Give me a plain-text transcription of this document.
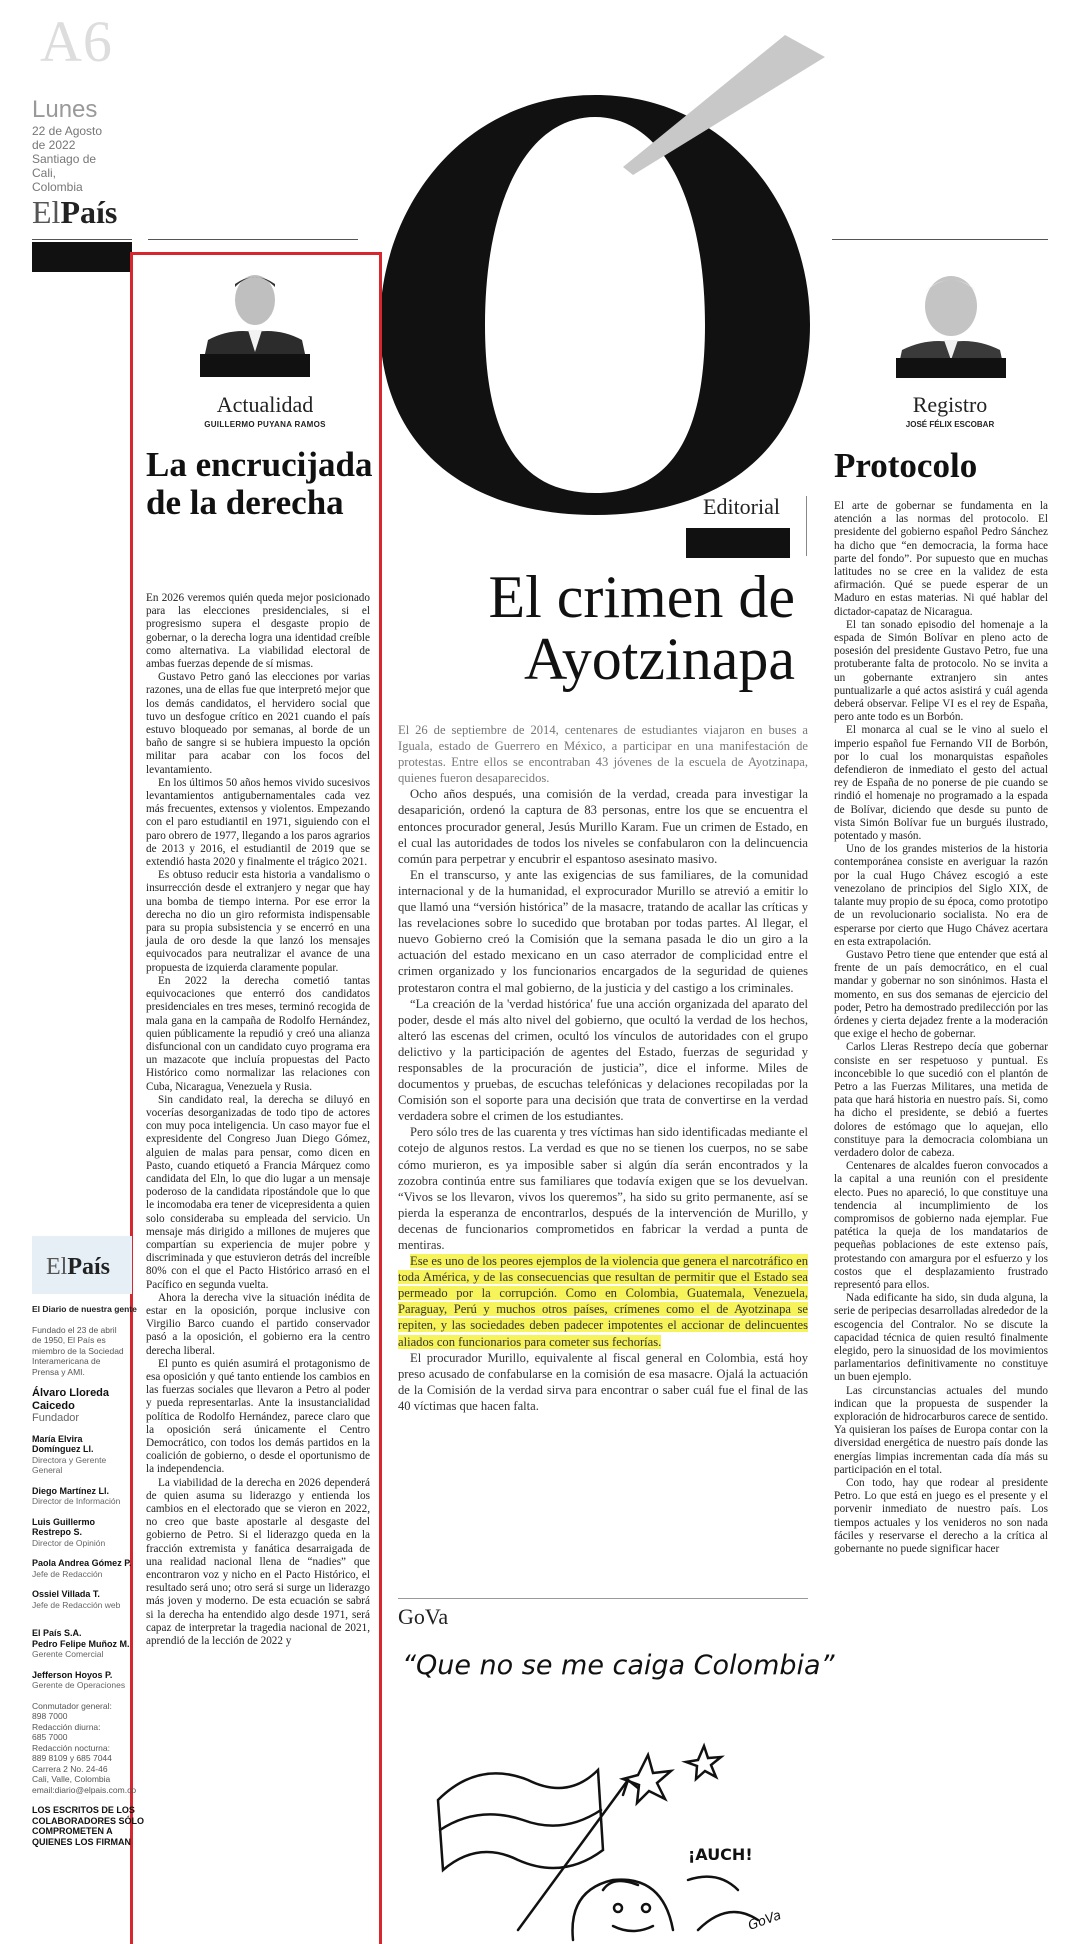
A6
Lunes
22 de Agosto
de 2022
Santiago de Cali,
Colombia
ElPaís
Actualidad
GUILLERMO PUYANA RAMOS
La encrucijada de la derecha

En 2026 veremos quién queda mejor posicionado para las elecciones presidenciales, si el progresismo supera el desgaste propio de gobernar, o la derecha logra una identidad creíble como alternativa. La viabilidad electoral de ambas fuerzas depende de sí mismas.

Gustavo Petro ganó las elecciones por varias razones, una de ellas fue que interpretó mejor que los demás candidatos, el hervidero social que tuvo un desfogue crítico en 2021 cuando el país estuvo bloqueado por semanas, al borde de un baño de sangre si se hubiera impuesto la opción militar para acabar con los focos del levantamiento.

En los últimos 50 años hemos vivido sucesivos levantamientos antigubernamentales cada vez más frecuentes, extensos y violentos. Empezando con el paro estudiantil en 1971, siguiendo con el paro obrero de 1977, llegando a los paros agrarios de 2013 y 2016, el estudiantil de 2019 que se extendió hasta 2020 y finalmente el trágico 2021.

Es obtuso reducir esta historia a vandalismo o insurrección desde el extranjero y negar que hay una bomba de tiempo interna. Por ese error la derecha no dio un giro reformista indispensable para su propia subsistencia y se encerró en una jaula de oro desde la que lanzó los mensajes equivocados para neutralizar el avance de una propuesta de izquierda claramente popular.

En 2022 la derecha cometió tantas equivocaciones que enterró dos candidatos presidenciales en tres meses, terminó recogida de mala gana en la campaña de Rodolfo Hernández, quien públicamente la repudió y creó una alianza disfuncional con un candidato cuyo programa era un mazacote que incluía propuestas del Pacto Histórico como normalizar las relaciones con Cuba, Nicaragua, Venezuela y Rusia.

Sin candidato real, la derecha se diluyó en vocerías desorganizadas de todo tipo de actores con muy poca inteligencia. Un caso mayor fue el expresidente del Congreso Juan Diego Gómez, alguien de malas para pensar, como dicen en Pasto, cuando etiquetó a Francia Márquez como candidata del Eln, lo que dio lugar a un mensaje poderoso de la candidata ripostándole que lo que le incomodaba era tener de vicepresidenta a quien solo consideraba su empleada del servicio. Un mensaje más dirigido a millones de mujeres que compartían su experiencia de mujer pobre y discriminada y que estuvieron detrás del increíble 80% con el que el Pacto Histórico arrasó en el Pacífico en segunda vuelta.

Ahora la derecha vive la situación inédita de estar en la oposición, porque inclusive con Virgilio Barco cuando el partido conservador pasó a la oposición, el gobierno era la centro derecha liberal.

El punto es quién asumirá el protagonismo de esa oposición y qué tanto entiende los cambios en las fuerzas sociales que llevaron a Petro al poder y pueda representarlas. Ante la insustancialidad política de Rodolfo Hernández, parece claro que la oposición será únicamente el Centro Democrático, con todos los demás partidos en la coalición de gobierno, o desde el oportunismo de la independencia.

La viabilidad de la derecha en 2026 dependerá de quien asuma su liderazgo y entienda los cambios en el electorado que se vieron en 2022, no creo que baste apostarle al desgaste del gobierno de Petro. Si el liderazgo queda en la fracción extremista y fanática desarraigada de una realidad nacional llena de “nadies” que encontraron voz y nicho en el Pacto Histórico, el resultado será uno; otro será si surge un liderazgo más joven y moderno. De esta ecuación se sabrá si la derecha ha entendido algo desde 1971, será capaz de interpretar la tragedia nacional de 2021, aprendió de la lección de 2022 y

ElPaís
El Diario de nuestra gente
Fundado el 23 de abril
de 1950, El País es
miembro de la Sociedad
Interamericana de
Prensa y AMI.
Álvaro Lloreda
Caicedo
Fundador
María Elvira
Domínguez Ll.
Directora y Gerente
General
Diego Martínez Ll.
Director de Información
Luis Guillermo
Restrepo S.
Director de Opinión
Paola Andrea Gómez P.
Jefe de Redacción
Ossiel Villada T.
Jefe de Redacción web
El País S.A.
Pedro Felipe Muñoz M.
Gerente Comercial
Jefferson Hoyos P.
Gerente de Operaciones
Conmutador general:
898 7000
Redacción diurna:
685 7000
Redacción nocturna:
889 8109 y 685 7044
Carrera 2 No. 24-46
Cali, Valle, Colombia
email:diario@elpais.com.co
LOS ESCRITOS DE LOS
COLABORADORES SÓLO
COMPROMETEN A
QUIENES LOS FIRMAN
Editorial
El crimen de
Ayotzinapa

El 26 de septiembre de 2014, centenares de estudiantes viajaron en buses a Iguala, estado de Guerrero en México, a participar en una manifestación de protestas. Entre ellos se encontraban 43 jóvenes de la escuela de Ayotzinapa, quienes fueron desaparecidos.

Ocho años después, una comisión de la verdad, creada para investigar la desaparición, ordenó la captura de 83 personas, entre los que se encuentra el entonces procurador general, Jesús Murillo Karam. Fue un crimen de Estado, en el cual las autoridades de todos los niveles se confabularon con la delincuencia común para perpetrar y encubrir el espantoso asesinato masivo.

En el transcurso, y ante las exigencias de sus familiares, de la comunidad internacional y de la humanidad, el exprocurador Murillo se atrevió a emitir lo que llamó una “versión histórica” de la masacre, tratando de acallar las críticas y las revelaciones sobre lo sucedido que brotaban por todas partes. Al llegar, el nuevo Gobierno creó la Comisión que la semana pasada le dio un giro a la actuación del estado mexicano en un caso aterrador de complicidad entre el crimen organizado y los funcionarios encargados de la seguridad de quienes protestaron contra el mal gobierno, de la justicia y del castigo a los criminales.

“La creación de la 'verdad histórica' fue una acción organizada del aparato del poder, desde el más alto nivel del gobierno, que ocultó la verdad de los hechos, alteró las escenas del crimen, ocultó los vínculos de autoridades con el grupo delictivo y la participación de agentes del Estado, fuerzas de seguridad y responsables de la procuración de justicia”, dice el informe. Miles de documentos y pruebas, de escuchas telefónicas y delaciones recopiladas por la Comisión son el soporte para una decisión que trata de convertirse en la verdad verdadera sobre el crimen de los estudiantes.

Pero sólo tres de las cuarenta y tres víctimas han sido identificadas mediante el cotejo de algunos restos. La verdad es que no se tienen los cuerpos, no se sabe cómo murieron, es ya imposible saber si algún día serán encontrados y la zozobra continúa entre sus familiares que todavía exigen que se los devuelvan. “Vivos se los llevaron, vivos los queremos”, ha sido su grito permanente, así se pierda la esperanza de encontrarlos, después de la intervención de Murillo, y decenas de funcionarios comprometidos en fabricar la verdad a punta de mentiras.

Ese es uno de los peores ejemplos de la violencia que genera el narcotráfico en toda América, y de las consecuencias que resultan de permitir que el Estado sea permeado por la corrupción. Como en Colombia, Guatemala, Venezuela, Paraguay, Perú y muchos otros países, crímenes como el de Ayotzinapa se repiten, y las sociedades deben padecer impotentes el accionar de delincuentes aliados con funcionarios para cometer sus fechorías.

El procurador Murillo, equivalente al fiscal general en Colombia, está hoy preso acusado de confabularse en la comisión de esa masacre. Ojalá la actuación de la Comisión de la verdad sirva para encontrar o saber cuál fue el final de las 40 víctimas que hacen falta.

GoVa
“Que no se me caiga Colombia”
¡AUCH!
GoVa
Registro
JOSÉ FÉLIX ESCOBAR
Protocolo

El arte de gobernar se fundamenta en la atención a las normas del protocolo. El presidente del gobierno español Pedro Sánchez ha dicho que “en democracia, la forma hace parte del fondo”. Por supuesto que en muchas latitudes no se cree en la validez de esta afirmación. Qué se puede esperar de un Maduro en estas materias. Ni qué hablar del dictador-capataz de Nicaragua.

El tan sonado episodio del homenaje a la espada de Simón Bolívar en pleno acto de posesión del presidente Gustavo Petro, fue una protuberante falta de protocolo. No se invita a un gobernante extranjero sin antes puntualizarle a qué actos asistirá y cuál agenda deberá observar. Felipe VI es el rey de España, pero ante todo es un Borbón.

El monarca al cual se le vino al suelo el imperio español fue Fernando VII de Borbón, por lo cual los monarquistas españoles defendieron de inmediato el gesto del actual rey de España de no ponerse de pie cuando se rindió el homenaje no programado a la espada de Bolívar, diciendo que desde su punto de vista Simón Bolívar fue un burgués ilustrado, potentado y masón.

Uno de los grandes misterios de la historia contemporánea consiste en averiguar la razón por la cual Hugo Chávez escogió a este venezolano de principios del Siglo XIX, de talante muy propio de su época, como prototipo de un revolucionario socialista. No era de esperarse por cierto que Hugo Chávez acertara en esta extrapolación.

Gustavo Petro tiene que entender que está al frente de un país democrático, en el cual mandar y gobernar no son sinónimos. Hasta el momento, en sus dos semanas de ejercicio del poder, Petro ha demostrado predilección por las órdenes y cierta dejadez frente a la moderación que exige el hecho de gobernar.

Carlos Lleras Restrepo decía que gobernar consiste en ser respetuoso y puntual. Es inconcebible lo que sucedió con el plantón de Petro a las Fuerzas Militares, una metida de pata que hará historia en nuestro país. Si, como ha dicho el presidente, se debió a fuertes dolores de estómago que lo aquejan, ello constituye para la democracia colombiana un verdadero dolor de cabeza.

Centenares de alcaldes fueron convocados a la capital a una reunión con el presidente electo. Pues no apareció, lo que constituye una tendencia al incumplimiento de los compromisos de gobierno nada ejemplar. Fue patética la queja de los mandatarios de pequeñas poblaciones de este extenso país, protestando con amargura por el esfuerzo y los costos que el desplazamiento frustrado representó para ellos.

Nada edificante ha sido, sin duda alguna, la serie de peripecias desarrolladas alrededor de la escogencia del Contralor. No se discute la capacidad técnica de quien resultó finalmente elegido, pero la sinuosidad de los movimientos parlamentarios definitivamente no constituye un buen ejemplo.

Las circunstancias actuales del mundo indican que la propuesta de suspender la exploración de hidrocarburos carece de sentido. Ya quisieran los países de Europa contar con la diversidad energética de nuestro país donde las energías limpias incrementan cada día más su participación en el total.

Con todo, hay que rodear al presidente Petro. Lo que está en juego es el presente y el porvenir inmediato de nuestro país. Los tiempos actuales y los venideros no son nada fáciles y reservarse el derecho a la crítica al gobernante no puede significar hacer
